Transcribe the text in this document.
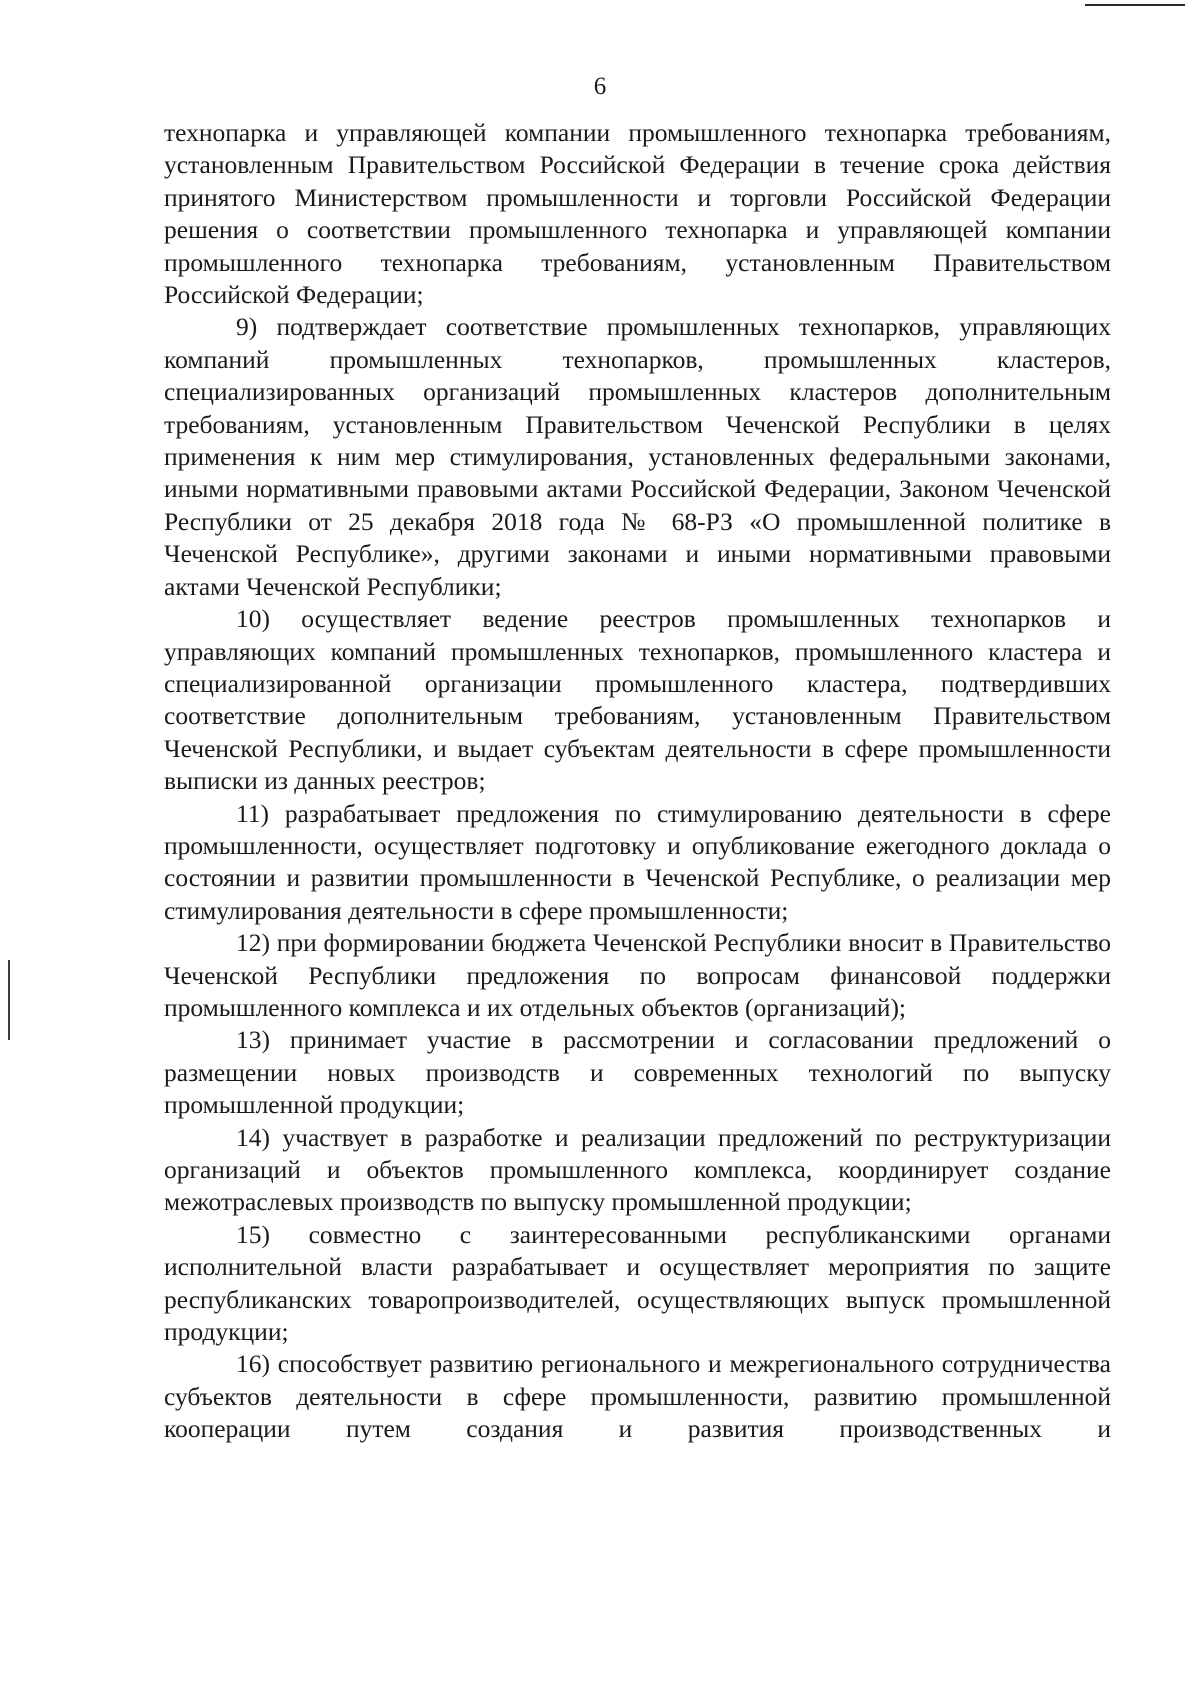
6

технопарка и управляющей компании промышленного технопарка требованиям, установленным Правительством Российской Федерации в течение срока действия принятого Министерством промышленности и торговли Российской Федерации решения о соответствии промышленного технопарка и управляющей компании промышленного технопарка требованиям, установленным Правительством Российской Федерации;

9) подтверждает соответствие промышленных технопарков, управляющих компаний промышленных технопарков, промышленных кластеров, специализированных организаций промышленных кластеров дополнительным требованиям, установленным Правительством Чеченской Республики в целях применения к ним мер стимулирования, установленных федеральными законами, иными нормативными правовыми актами Российской Федерации, Законом Чеченской Республики от 25 декабря 2018 года № 68-РЗ «О промышленной политике в Чеченской Республике», другими законами и иными нормативными правовыми актами Чеченской Республики;

10) осуществляет ведение реестров промышленных технопарков и управляющих компаний промышленных технопарков, промышленного кластера и специализированной организации промышленного кластера, подтвердивших соответствие дополнительным требованиям, установленным Правительством Чеченской Республики, и выдает субъектам деятельности в сфере промышленности выписки из данных реестров;

11) разрабатывает предложения по стимулированию деятельности в сфере промышленности, осуществляет подготовку и опубликование ежегодного доклада о состоянии и развитии промышленности в Чеченской Республике, о реализации мер стимулирования деятельности в сфере промышленности;

12) при формировании бюджета Чеченской Республики вносит в Правительство Чеченской Республики предложения по вопросам финансовой поддержки промышленного комплекса и их отдельных объектов (организаций);

13) принимает участие в рассмотрении и согласовании предложений о размещении новых производств и современных технологий по выпуску промышленной продукции;

14) участвует в разработке и реализации предложений по реструктуризации организаций и объектов промышленного комплекса, координирует создание межотраслевых производств по выпуску промышленной продукции;

15) совместно с заинтересованными республиканскими органами исполнительной власти разрабатывает и осуществляет мероприятия по защите республиканских товаропроизводителей, осуществляющих выпуск промышленной продукции;

16) способствует развитию регионального и межрегионального сотрудничества субъектов деятельности в сфере промышленности, развитию промышленной кооперации путем создания и развития производственных и
